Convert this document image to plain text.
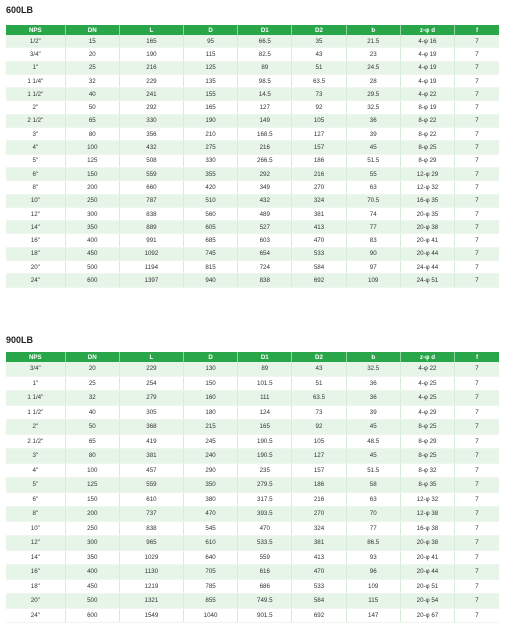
600LB
NPS	DN	L	D	D1	D2	b	z-φ d	f
1/2"	15	165	95	66.5	35	21.5	4-φ 16	7
3/4"	20	190	115	82.5	43	23	4-φ 19	7
1"	25	216	125	89	51	24.5	4-φ 19	7
1 1/4"	32	229	135	98.5	63.5	28	4-φ 19	7
1 1/2"	40	241	155	14.5	73	29.5	4-φ 22	7
2"	50	292	165	127	92	32.5	8-φ 19	7
2 1/2"	65	330	190	149	105	36	8-φ 22	7
3"	80	356	210	168.5	127	39	8-φ 22	7
4"	100	432	275	216	157	45	8-φ 25	7
5"	125	508	330	266.5	186	51.5	8-φ 29	7
6"	150	559	355	292	216	55	12-φ 29	7
8"	200	660	420	349	270	63	12-φ 32	7
10"	250	787	510	432	324	70.5	16-φ 35	7
12"	300	838	560	489	381	74	20-φ 35	7
14"	350	889	605	527	413	77	20-φ 38	7
16"	400	991	685	603	470	83	20-φ 41	7
18"	450	1092	745	654	533	90	20-φ 44	7
20"	500	1194	815	724	584	97	24-φ 44	7
24"	600	1397	940	838	692	109	24-φ 51	7
900LB
NPS	DN	L	D	D1	D2	b	z-φ d	f
3/4"	20	229	130	89	43	32.5	4-φ 22	7
1"	25	254	150	101.5	51	36	4-φ 25	7
1 1/4"	32	279	160	111	63.5	36	4-φ 25	7
1 1/2"	40	305	180	124	73	39	4-φ 29	7
2"	50	368	215	165	92	45	8-φ 25	7
2 1/2"	65	419	245	190.5	105	48.5	8-φ 29	7
3"	80	381	240	190.5	127	45	8-φ 25	7
4"	100	457	290	235	157	51.5	8-φ 32	7
5"	125	559	350	279.5	186	58	8-φ 35	7
6"	150	610	380	317.5	216	63	12-φ 32	7
8"	200	737	470	393.5	270	70	12-φ 38	7
10"	250	838	545	470	324	77	16-φ 38	7
12"	300	965	610	533.5	381	86.5	20-φ 38	7
14"	350	1029	640	559	413	93	20-φ 41	7
16"	400	1130	705	616	470	96	20-φ 44	7
18"	450	1219	785	686	533	109	20-φ 51	7
20"	500	1321	855	749.5	584	115	20-φ 54	7
24"	600	1549	1040	901.5	692	147	20-φ 67	7
